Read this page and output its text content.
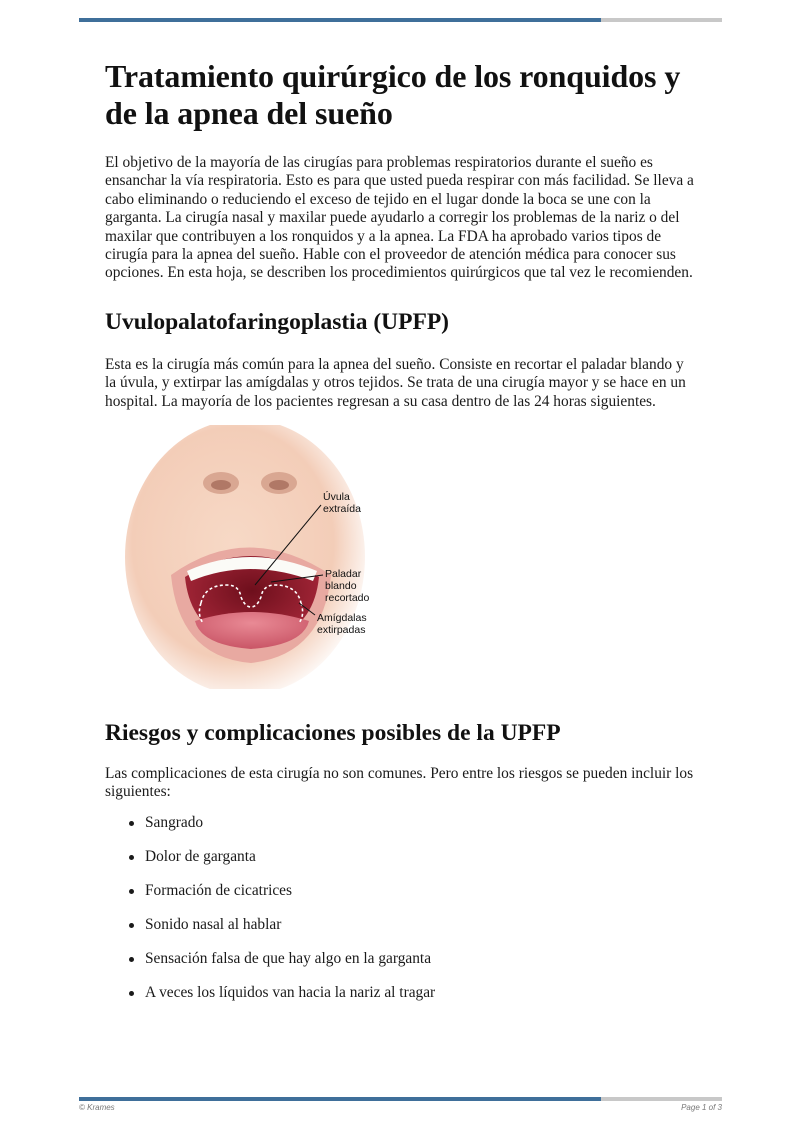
Tratamiento quirúrgico de los ronquidos y de la apnea del sueño

El objetivo de la mayoría de las cirugías para problemas respiratorios durante el sueño es ensanchar la vía respiratoria. Esto es para que usted pueda respirar con más facilidad. Se lleva a cabo eliminando o reduciendo el exceso de tejido en el lugar donde la boca se une con la garganta. La cirugía nasal y maxilar puede ayudarlo a corregir los problemas de la nariz o del maxilar que contribuyen a los ronquidos y a la apnea. La FDA ha aprobado varios tipos de cirugía para la apnea del sueño. Hable con el proveedor de atención médica para conocer sus opciones. En esta hoja, se describen los procedimientos quirúrgicos que tal vez le recomienden.

Uvulopalatofaringoplastia (UPFP)

Esta es la cirugía más común para la apnea del sueño. Consiste en recortar el paladar blando y la úvula, y extirpar las amígdalas y otros tejidos. Se trata de una cirugía mayor y se hace en un hospital. La mayoría de los pacientes regresan a su casa dentro de las 24 horas siguientes.

Úvula
extraída
Paladar
blando
recortado
Amígdalas
extirpadas
Riesgos y complicaciones posibles de la UPFP

Las complicaciones de esta cirugía no son comunes. Pero entre los riesgos se pueden incluir los siguientes:

Sangrado
Dolor de garganta
Formación de cicatrices
Sonido nasal al hablar
Sensación falsa de que hay algo en la garganta
A veces los líquidos van hacia la nariz al tragar
© Krames	Page 1 of 3
